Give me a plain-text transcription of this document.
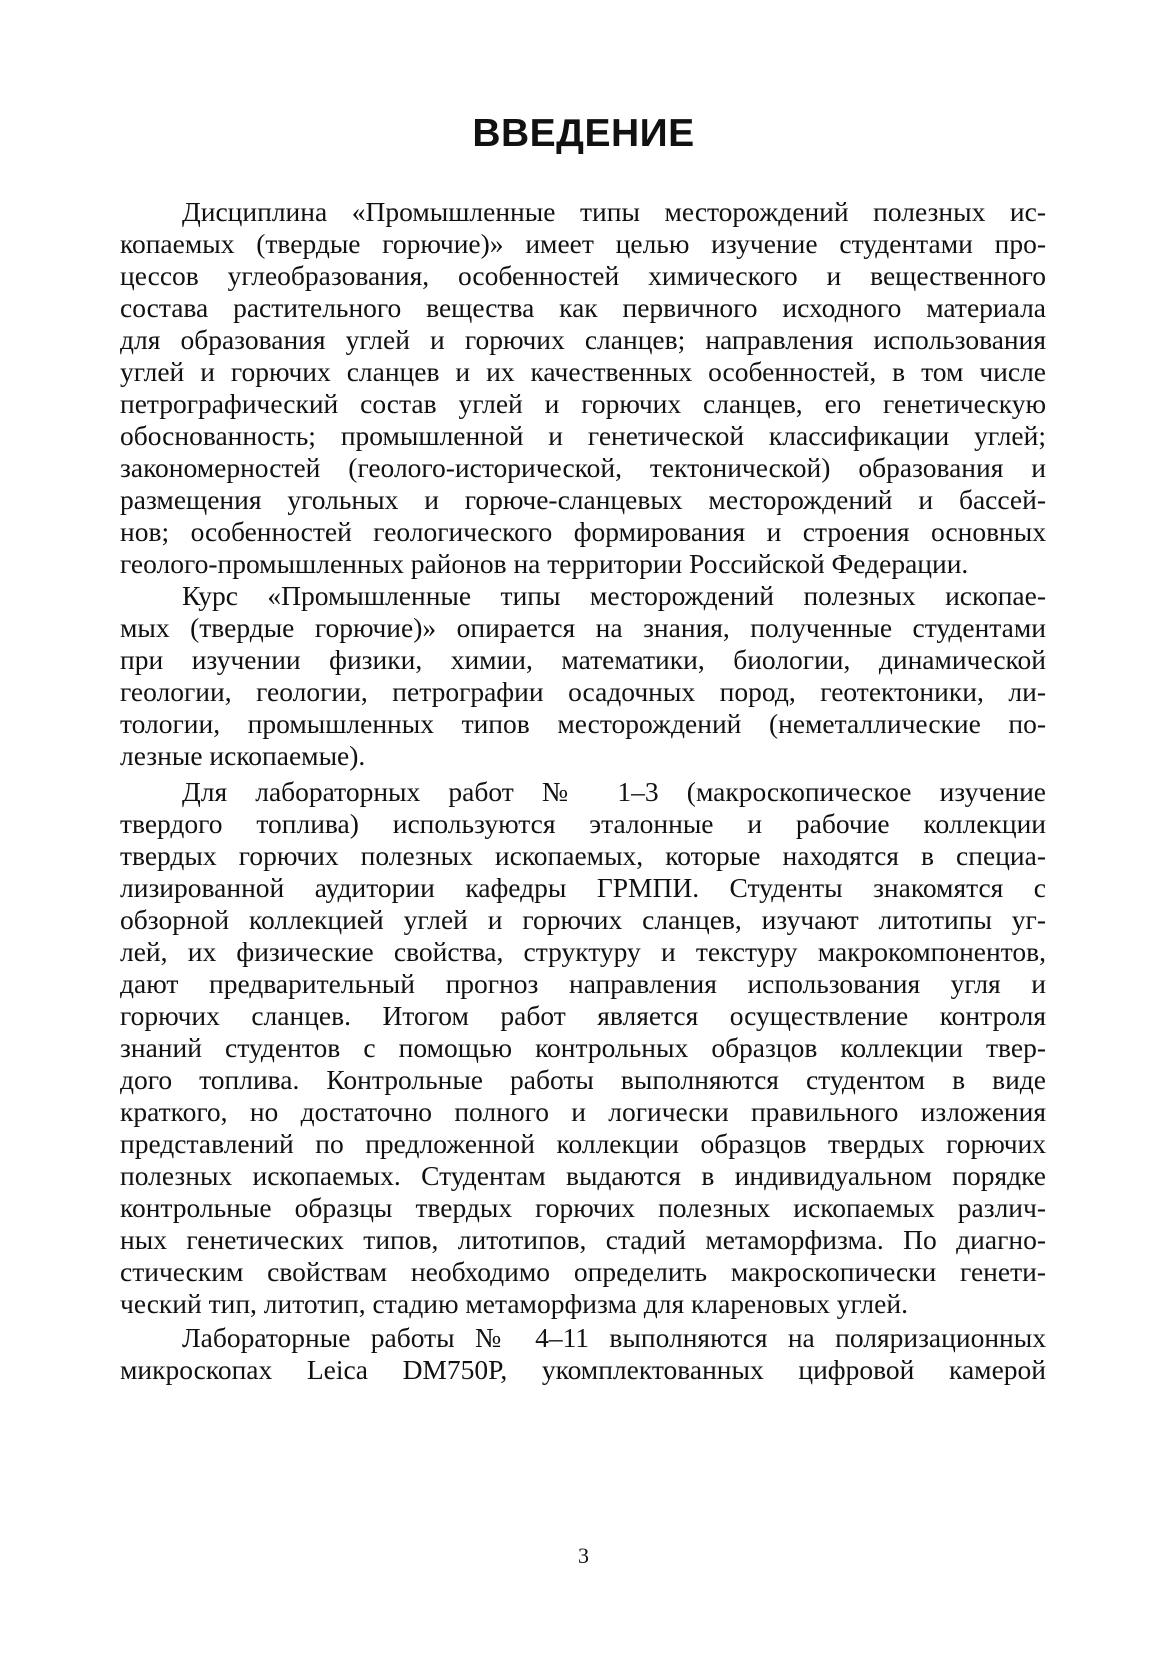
ВВЕДЕНИЕ
Дисциплина «Промышленные типы месторождений полезных ис-
копаемых (твердые горючие)» имеет целью изучение студентами про-
цессов углеобразования, особенностей химического и вещественного
состава растительного вещества как первичного исходного материала
для образования углей и горючих сланцев; направления использования
углей и горючих сланцев и их качественных особенностей, в том числе
петрографический состав углей и горючих сланцев, его генетическую
обоснованность; промышленной и генетической классификации углей;
закономерностей (геолого-исторической, тектонической) образования и
размещения угольных и горюче-сланцевых месторождений и бассей-
нов; особенностей геологического формирования и строения основных
геолого-промышленных районов на территории Российской Федерации.
Курс «Промышленные типы месторождений полезных ископае-
мых (твердые горючие)» опирается на знания, полученные студентами
при изучении физики, химии, математики, биологии, динамической
геологии, геологии, петрографии осадочных пород, геотектоники, ли-
тологии, промышленных типов месторождений (неметаллические по-
лезные ископаемые).
Для лабораторных работ № 1–3 (макроскопическое изучение
твердого топлива) используются эталонные и рабочие коллекции
твердых горючих полезных ископаемых, которые находятся в специа-
лизированной аудитории кафедры ГРМПИ. Студенты знакомятся с
обзорной коллекцией углей и горючих сланцев, изучают литотипы уг-
лей, их физические свойства, структуру и текстуру макрокомпонентов,
дают предварительный прогноз направления использования угля и
горючих сланцев. Итогом работ является осуществление контроля
знаний студентов с помощью контрольных образцов коллекции твер-
дого топлива. Контрольные работы выполняются студентом в виде
краткого, но достаточно полного и логически правильного изложения
представлений по предложенной коллекции образцов твердых горючих
полезных ископаемых. Студентам выдаются в индивидуальном порядке
контрольные образцы твердых горючих полезных ископаемых различ-
ных генетических типов, литотипов, стадий метаморфизма. По диагно-
стическим свойствам необходимо определить макроскопически генети-
ческий тип, литотип, стадию метаморфизма для клареновых углей.
Лабораторные работы № 4–11 выполняются на поляризационных
микроскопах Leica DM750P, укомплектованных цифровой камерой
3
